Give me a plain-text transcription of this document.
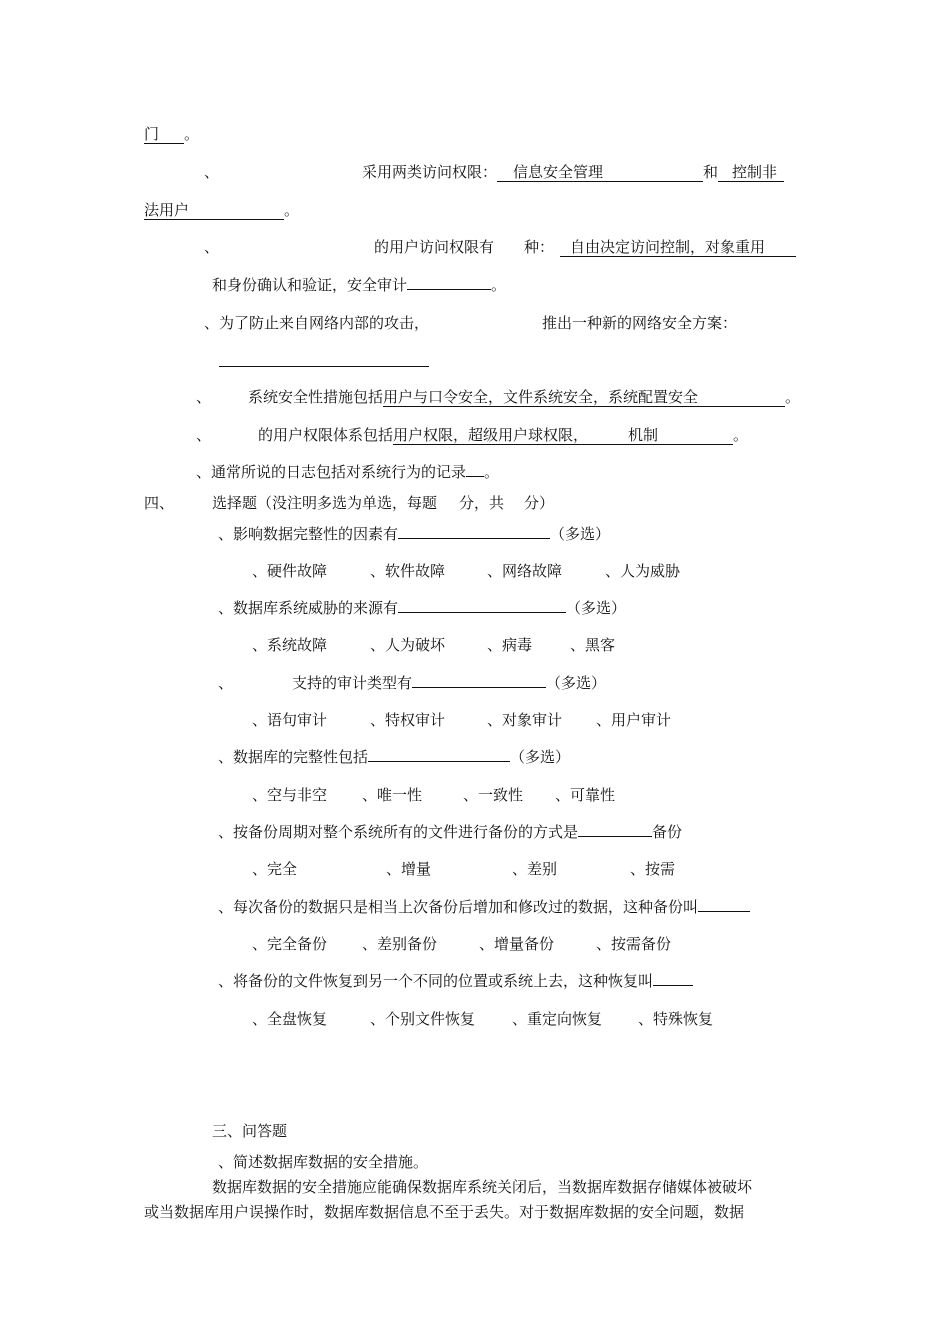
门 。
、	采用两类访问权限： 信息安全管理	和 控制非
法用户	。
、	的用户访问权限有 种： 自由决定访问控制，对象重用
和身份确认和验证，安全审计	。
、为了防止来自网络内部的攻击，	推出一种新的网络安全方案：
、 系统安全性措施包括用户与口令安全，文件系统安全，系统配置安全	。
、	的用户权限体系包括用户权限，超级用户球权限，	机制	。
、通常所说的日志包括对系统行为的记录 。
四、	选择题（没注明多选为单选，每题 分，共 分）
、影响数据完整性的因素有	（多选）
、硬件故障	、软件故障	、网络故障	、人为威胁
、数据库系统威胁的来源有	（多选）
、系统故障	、人为破坏	、病毒	、黑客
、	支持的审计类型有	（多选）
、语句审计	、特权审计	、对象审计 、用户审计
、数据库的完整性包括	（多选）
、空与非空 、唯一性	、一致性 、可靠性
、按备份周期对整个系统所有的文件进行备份的方式是	备份
、完全	、增量	、差别	、按需
、每次备份的数据只是相当上次备份后增加和修改过的数据，这种备份叫
、完全备份 、差别备份	、增量备份	、按需备份
、将备份的文件恢复到另一个不同的位置或系统上去，这种恢复叫
、全盘恢复	、个别文件恢复 、重定向恢复 、特殊恢复
三、问答题
、简述数据库数据的安全措施。
数据库数据的安全措施应能确保数据库系统关闭后，当数据库数据存储媒体被破坏
或当数据库用户误操作时，数据库数据信息不至于丢失。对于数据库数据的安全问题，数据
